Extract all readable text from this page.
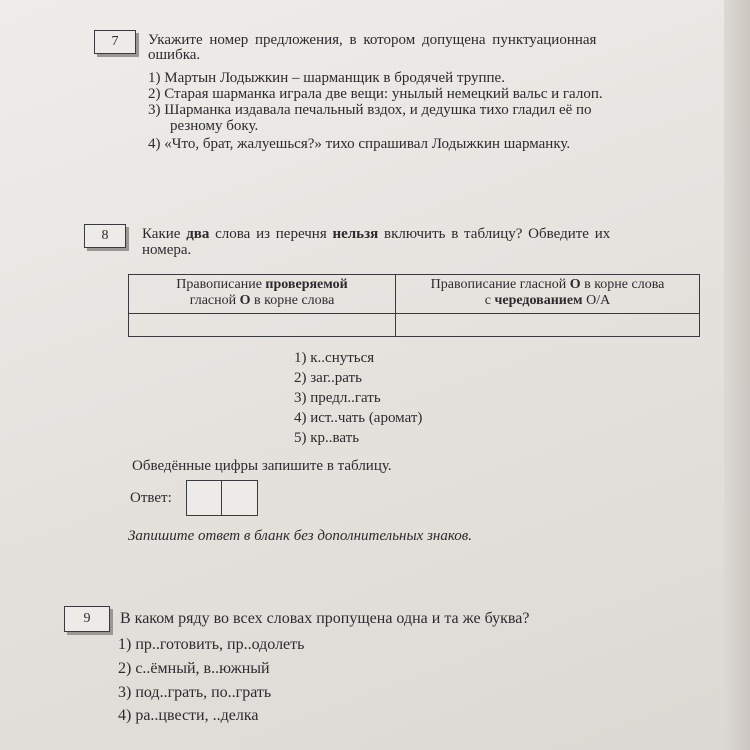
7	Укажите номер предложения, в котором допущена пунктуационная
ошибка.
1) Мартын Лодыжкин – шарманщик в бродячей труппе.
2) Старая шарманка играла две вещи: унылый немецкий вальс и галоп.
3) Шарманка издавала печальный вздох, и дедушка тихо гладил её по
резному боку.
4) «Что, брат, жалуешься?» тихо спрашивал Лодыжкин шарманку.
8	Какие два слова из перечня нельзя включить в таблицу? Обведите их
номера.
Правописание проверяемой
гласной О в корне слова	Правописание гласной О в корне слова
с чередованием О/А

1) к..снуться
2) заг..рать
3) предл..гать
4) ист..чать (аромат)
5) кр..вать
Обведённые цифры запишите в таблицу.
Ответ:
Запишите ответ в бланк без дополнительных знаков.
9	В каком ряду во всех словах пропущена одна и та же буква?
1) пр..готовить, пр..одолеть
2) с..ёмный, в..южный
3) под..грать, по..грать
4) ра..цвести, ..делка
